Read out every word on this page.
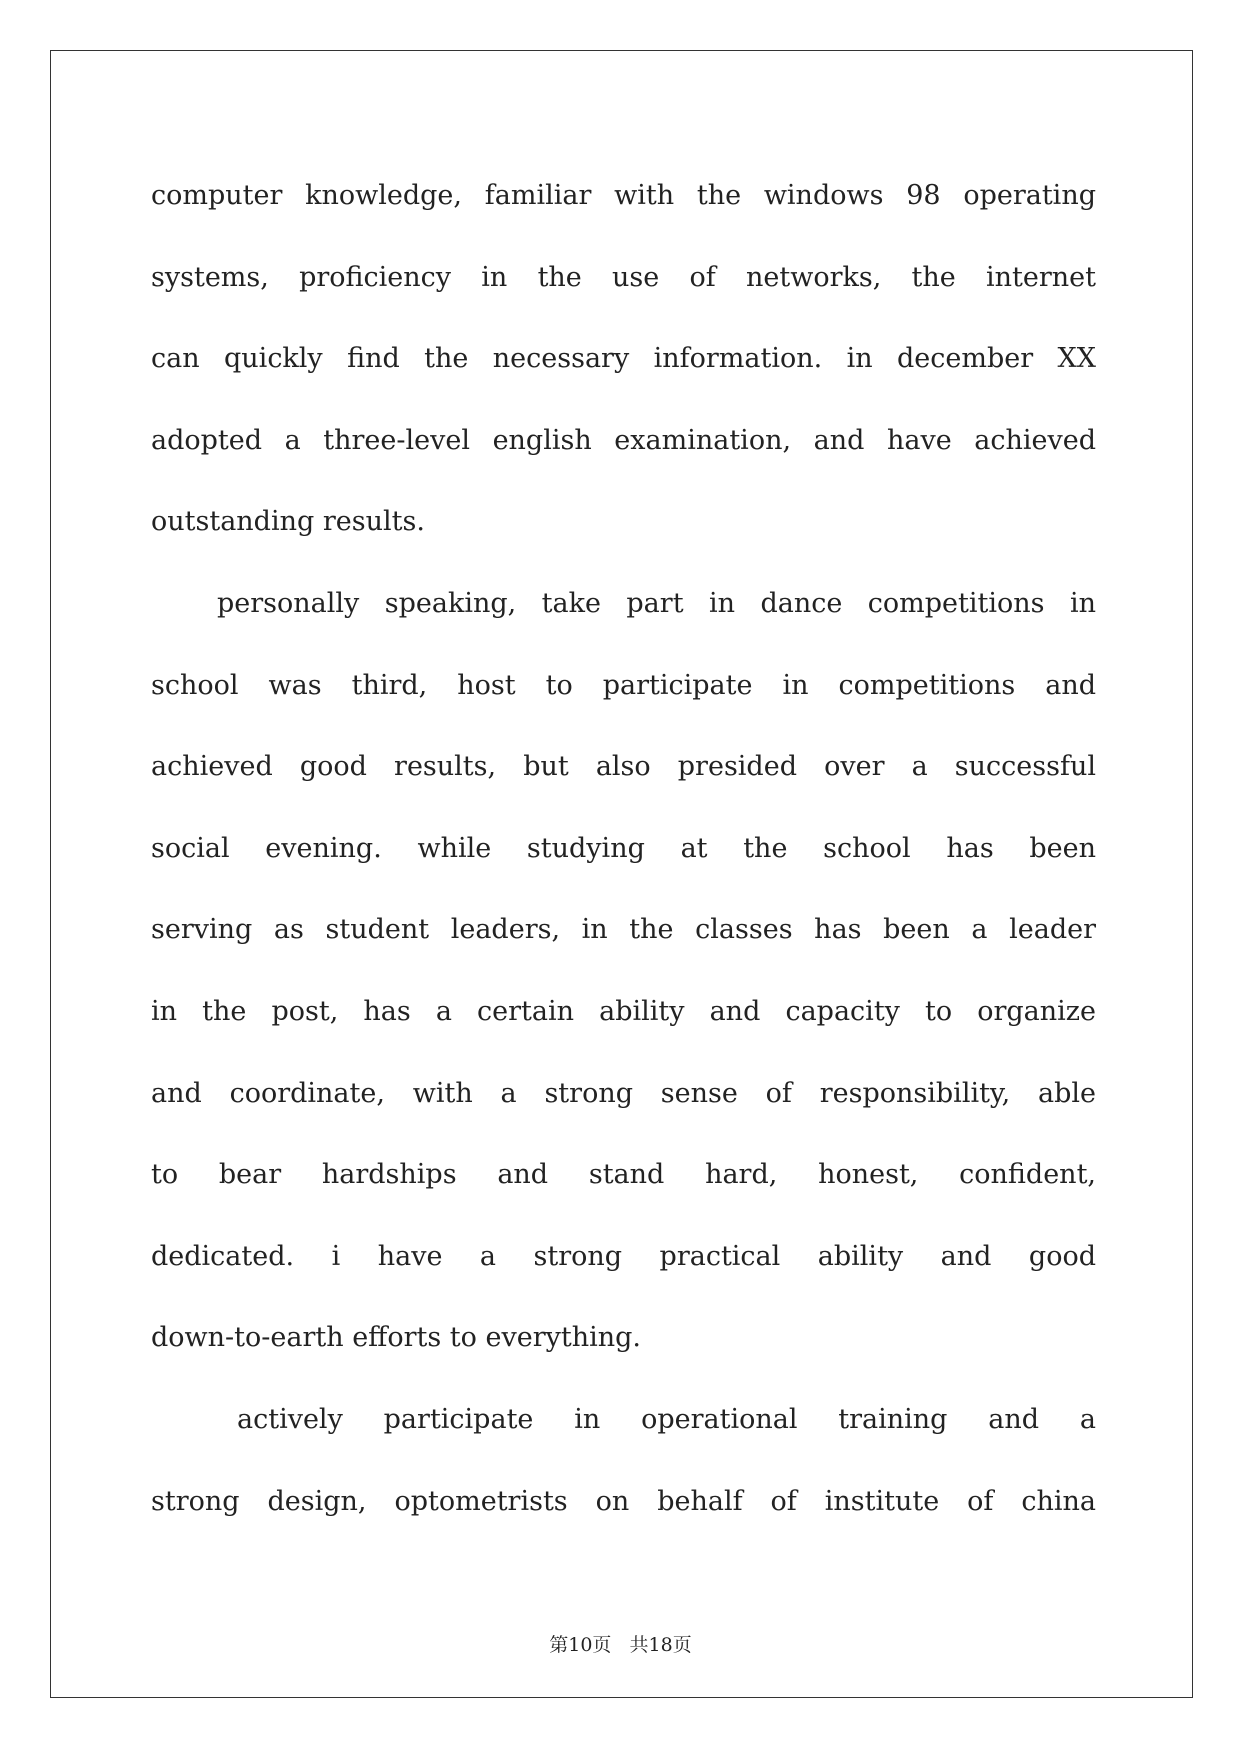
computer knowledge, familiar with the windows 98 operating
systems, proficiency in the use of networks, the internet
can quickly find the necessary information. in december XX
adopted a three-level english examination, and have achieved
outstanding results.
personally speaking, take part in dance competitions in
school was third, host to participate in competitions and
achieved good results, but also presided over a successful
social evening. while studying at the school has been
serving as student leaders, in the classes has been a leader
in the post, has a certain ability and capacity to organize
and coordinate, with a strong sense of responsibility, able
to bear hardships and stand hard, honest, confident,
dedicated. i have a strong practical ability and good
down-to-earth efforts to everything.
actively participate in operational training and a
strong design, optometrists on behalf of institute of china
第10页   共18页
